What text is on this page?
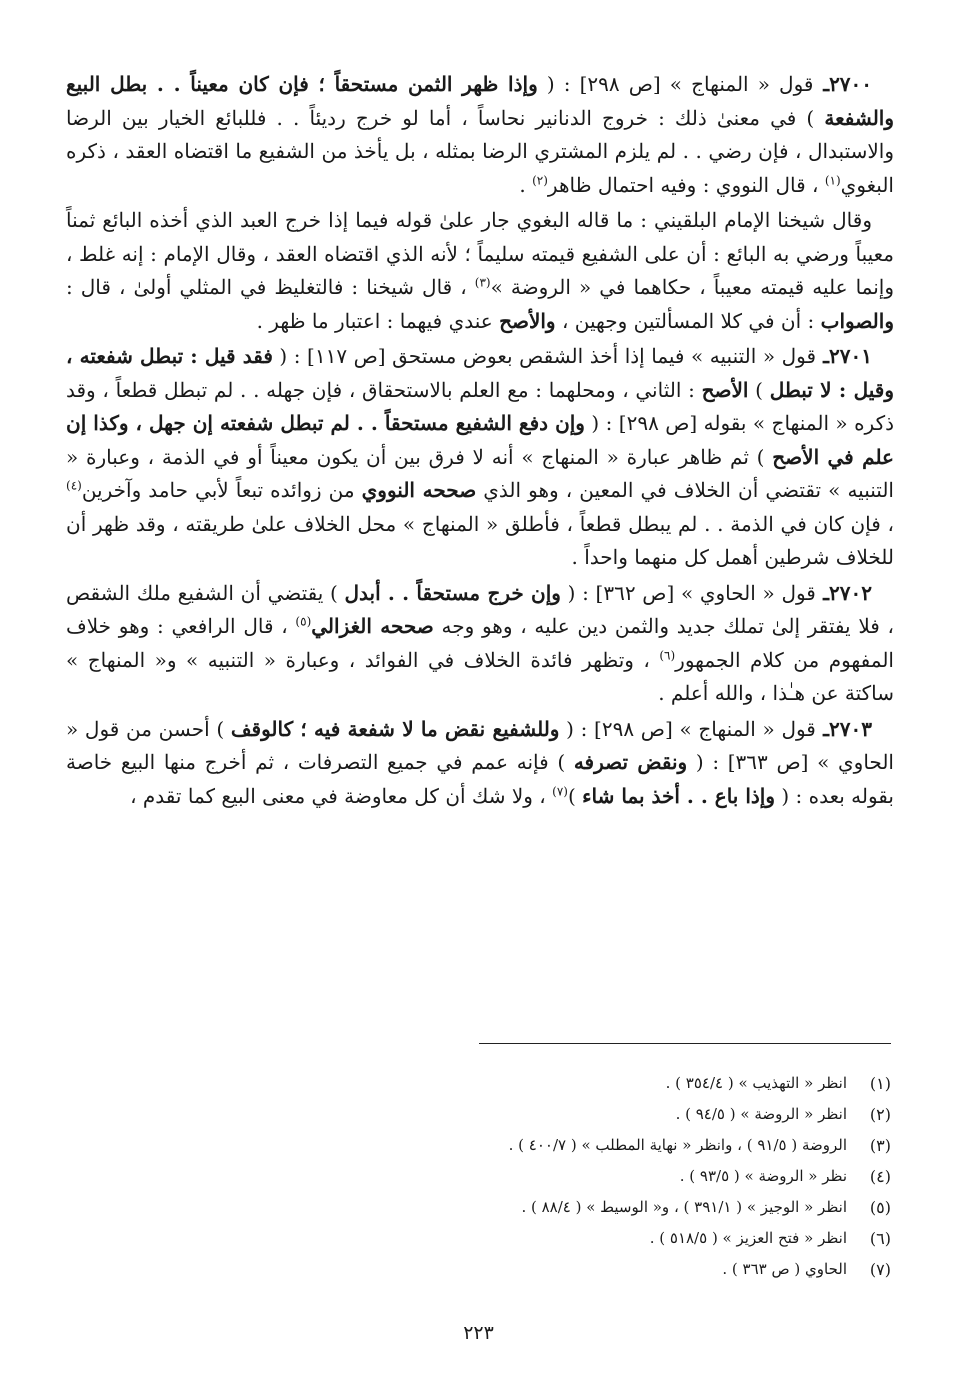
٢٧٠٠ـ قول « المنهاج » [ص ٢٩٨] : ( وإذا ظهر الثمن مستحقاً ؛ فإن كان معيناً . . بطل البيع والشفعة ) في معنىٰ ذلك : خروج الدنانير نحاساً ، أما لو خرج رديئاً . . فللبائع الخيار بين الرضا والاستبدال ، فإن رضي . . لم يلزم المشتري الرضا بمثله ، بل يأخذ من الشفيع ما اقتضاه العقد ، ذكره البغوي$^{(١)}$ ، قال النووي : وفيه احتمال ظاهر$^{(٢)}$ .

وقال شيخنا الإمام البلقيني : ما قاله البغوي جار علىٰ قوله فيما إذا خرج العبد الذي أخذه البائع ثمناً معيباً ورضي به البائع : أن على الشفيع قيمته سليماً ؛ لأنه الذي اقتضاه العقد ، وقال الإمام : إنه غلط ، وإنما عليه قيمته معيباً ، حكاهما في « الروضة »$^{(٣)}$ ، قال شيخنا : فالتغليظ في المثلي أولىٰ ، قال : والصواب : أن في كلا المسألتين وجهين ، والأصح عندي فيهما : اعتبار ما ظهر .

٢٧٠١ـ قول « التنبيه » فيما إذا أخذ الشقص بعوض مستحق [ص ١١٧] : ( فقد قيل : تبطل شفعته ، وقيل : لا تبطل ) الأصح : الثاني ، ومحلهما : مع العلم بالاستحقاق ، فإن جهله . . لم تبطل قطعاً ، وقد ذكره « المنهاج » بقوله [ص ٢٩٨] : ( وإن دفع الشفيع مستحقاً . . لم تبطل شفعته إن جهل ، وكذا إن علم في الأصح ) ثم ظاهر عبارة « المنهاج » أنه لا فرق بين أن يكون معيناً أو في الذمة ، وعبارة « التنبيه » تقتضي أن الخلاف في المعين ، وهو الذي صححه النووي من زوائده تبعاً لأبي حامد وآخرين$^{(٤)}$ ، فإن كان في الذمة . . لم يبطل قطعاً ، فأطلق « المنهاج » محل الخلاف علىٰ طريقته ، وقد ظهر أن للخلاف شرطين أهمل كل منهما واحداً .

٢٧٠٢ـ قول « الحاوي » [ص ٣٦٢] : ( وإن خرج مستحقاً . . أبدل ) يقتضي أن الشفيع ملك الشقص ، فلا يفتقر إلىٰ تملك جديد والثمن دين عليه ، وهو وجه صححه الغزالي$^{(٥)}$ ، قال الرافعي : وهو خلاف المفهوم من كلام الجمهور$^{(٦)}$ ، وتظهر فائدة الخلاف في الفوائد ، وعبارة « التنبيه » و« المنهاج » ساكتة عن هـٰذا ، والله أعلم .

٢٧٠٣ـ قول « المنهاج » [ص ٢٩٨] : ( وللشفيع نقض ما لا شفعة فيه ؛ كالوقف ) أحسن من قول « الحاوي » [ص ٣٦٣] : ( ونقض تصرفه ) فإنه عمم في جميع التصرفات ، ثم أخرج منها البيع خاصة بقوله بعده : ( وإذا باع . . أخذ بما شاء )$^{(٧)}$ ، ولا شك أن كل معاوضة في معنى البيع كما تقدم ،

(١)
انظر « التهذيب » ( ٣٥٤/٤ ) .
(٢)
انظر « الروضة » ( ٩٤/٥ ) .
(٣)
الروضة ( ٩١/٥ ) ، وانظر « نهاية المطلب » ( ٤٠٠/٧ ) .
(٤)
نظر « الروضة » ( ٩٣/٥ ) .
(٥)
انظر « الوجيز » ( ٣٩١/١ ) ، و« الوسيط » ( ٨٨/٤ ) .
(٦)
انظر « فتح العزيز » ( ٥١٨/٥ ) .
(٧)
الحاوي ( ص ٣٦٣ ) .
٢٢٣
